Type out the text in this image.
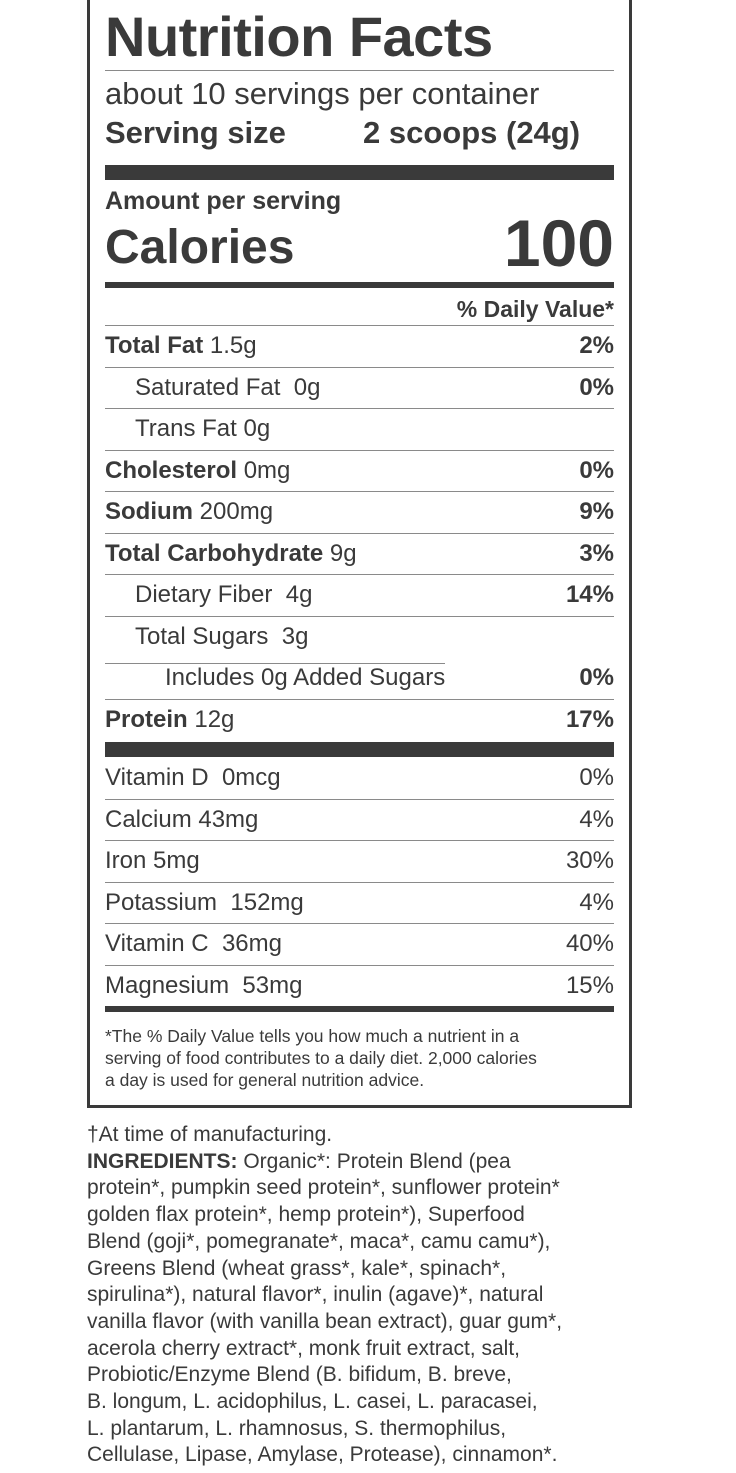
Nutrition Facts
about 10 servings per container
Serving size	2 scoops (24g)
Amount per serving
Calories	100
% Daily Value*
Total Fat 1.5g	2%
Saturated Fat 0g	0%
Trans Fat 0g
Cholesterol 0mg	0%
Sodium 200mg	9%
Total Carbohydrate 9g	3%
Dietary Fiber 4g	14%
Total Sugars 3g
Includes 0g Added Sugars	0%
Protein 12g	17%
Vitamin D 0mcg	0%
Calcium 43mg	4%
Iron 5mg	30%
Potassium 152mg	4%
Vitamin C 36mg	40%
Magnesium 53mg	15%
*The % Daily Value tells you how much a nutrient in a
serving of food contributes to a daily diet. 2,000 calories
a day is used for general nutrition advice.
†At time of manufacturing.
INGREDIENTS: Organic*: Protein Blend (pea
protein*, pumpkin seed protein*, sunflower protein*
golden flax protein*, hemp protein*), Superfood
Blend (goji*, pomegranate*, maca*, camu camu*),
Greens Blend (wheat grass*, kale*, spinach*,
spirulina*), natural flavor*, inulin (agave)*, natural
vanilla flavor (with vanilla bean extract), guar gum*,
acerola cherry extract*, monk fruit extract, salt,
Probiotic/Enzyme Blend (B. bifidum, B. breve,
B. longum, L. acidophilus, L. casei, L. paracasei,
L. plantarum, L. rhamnosus, S. thermophilus,
Cellulase, Lipase, Amylase, Protease), cinnamon*.
